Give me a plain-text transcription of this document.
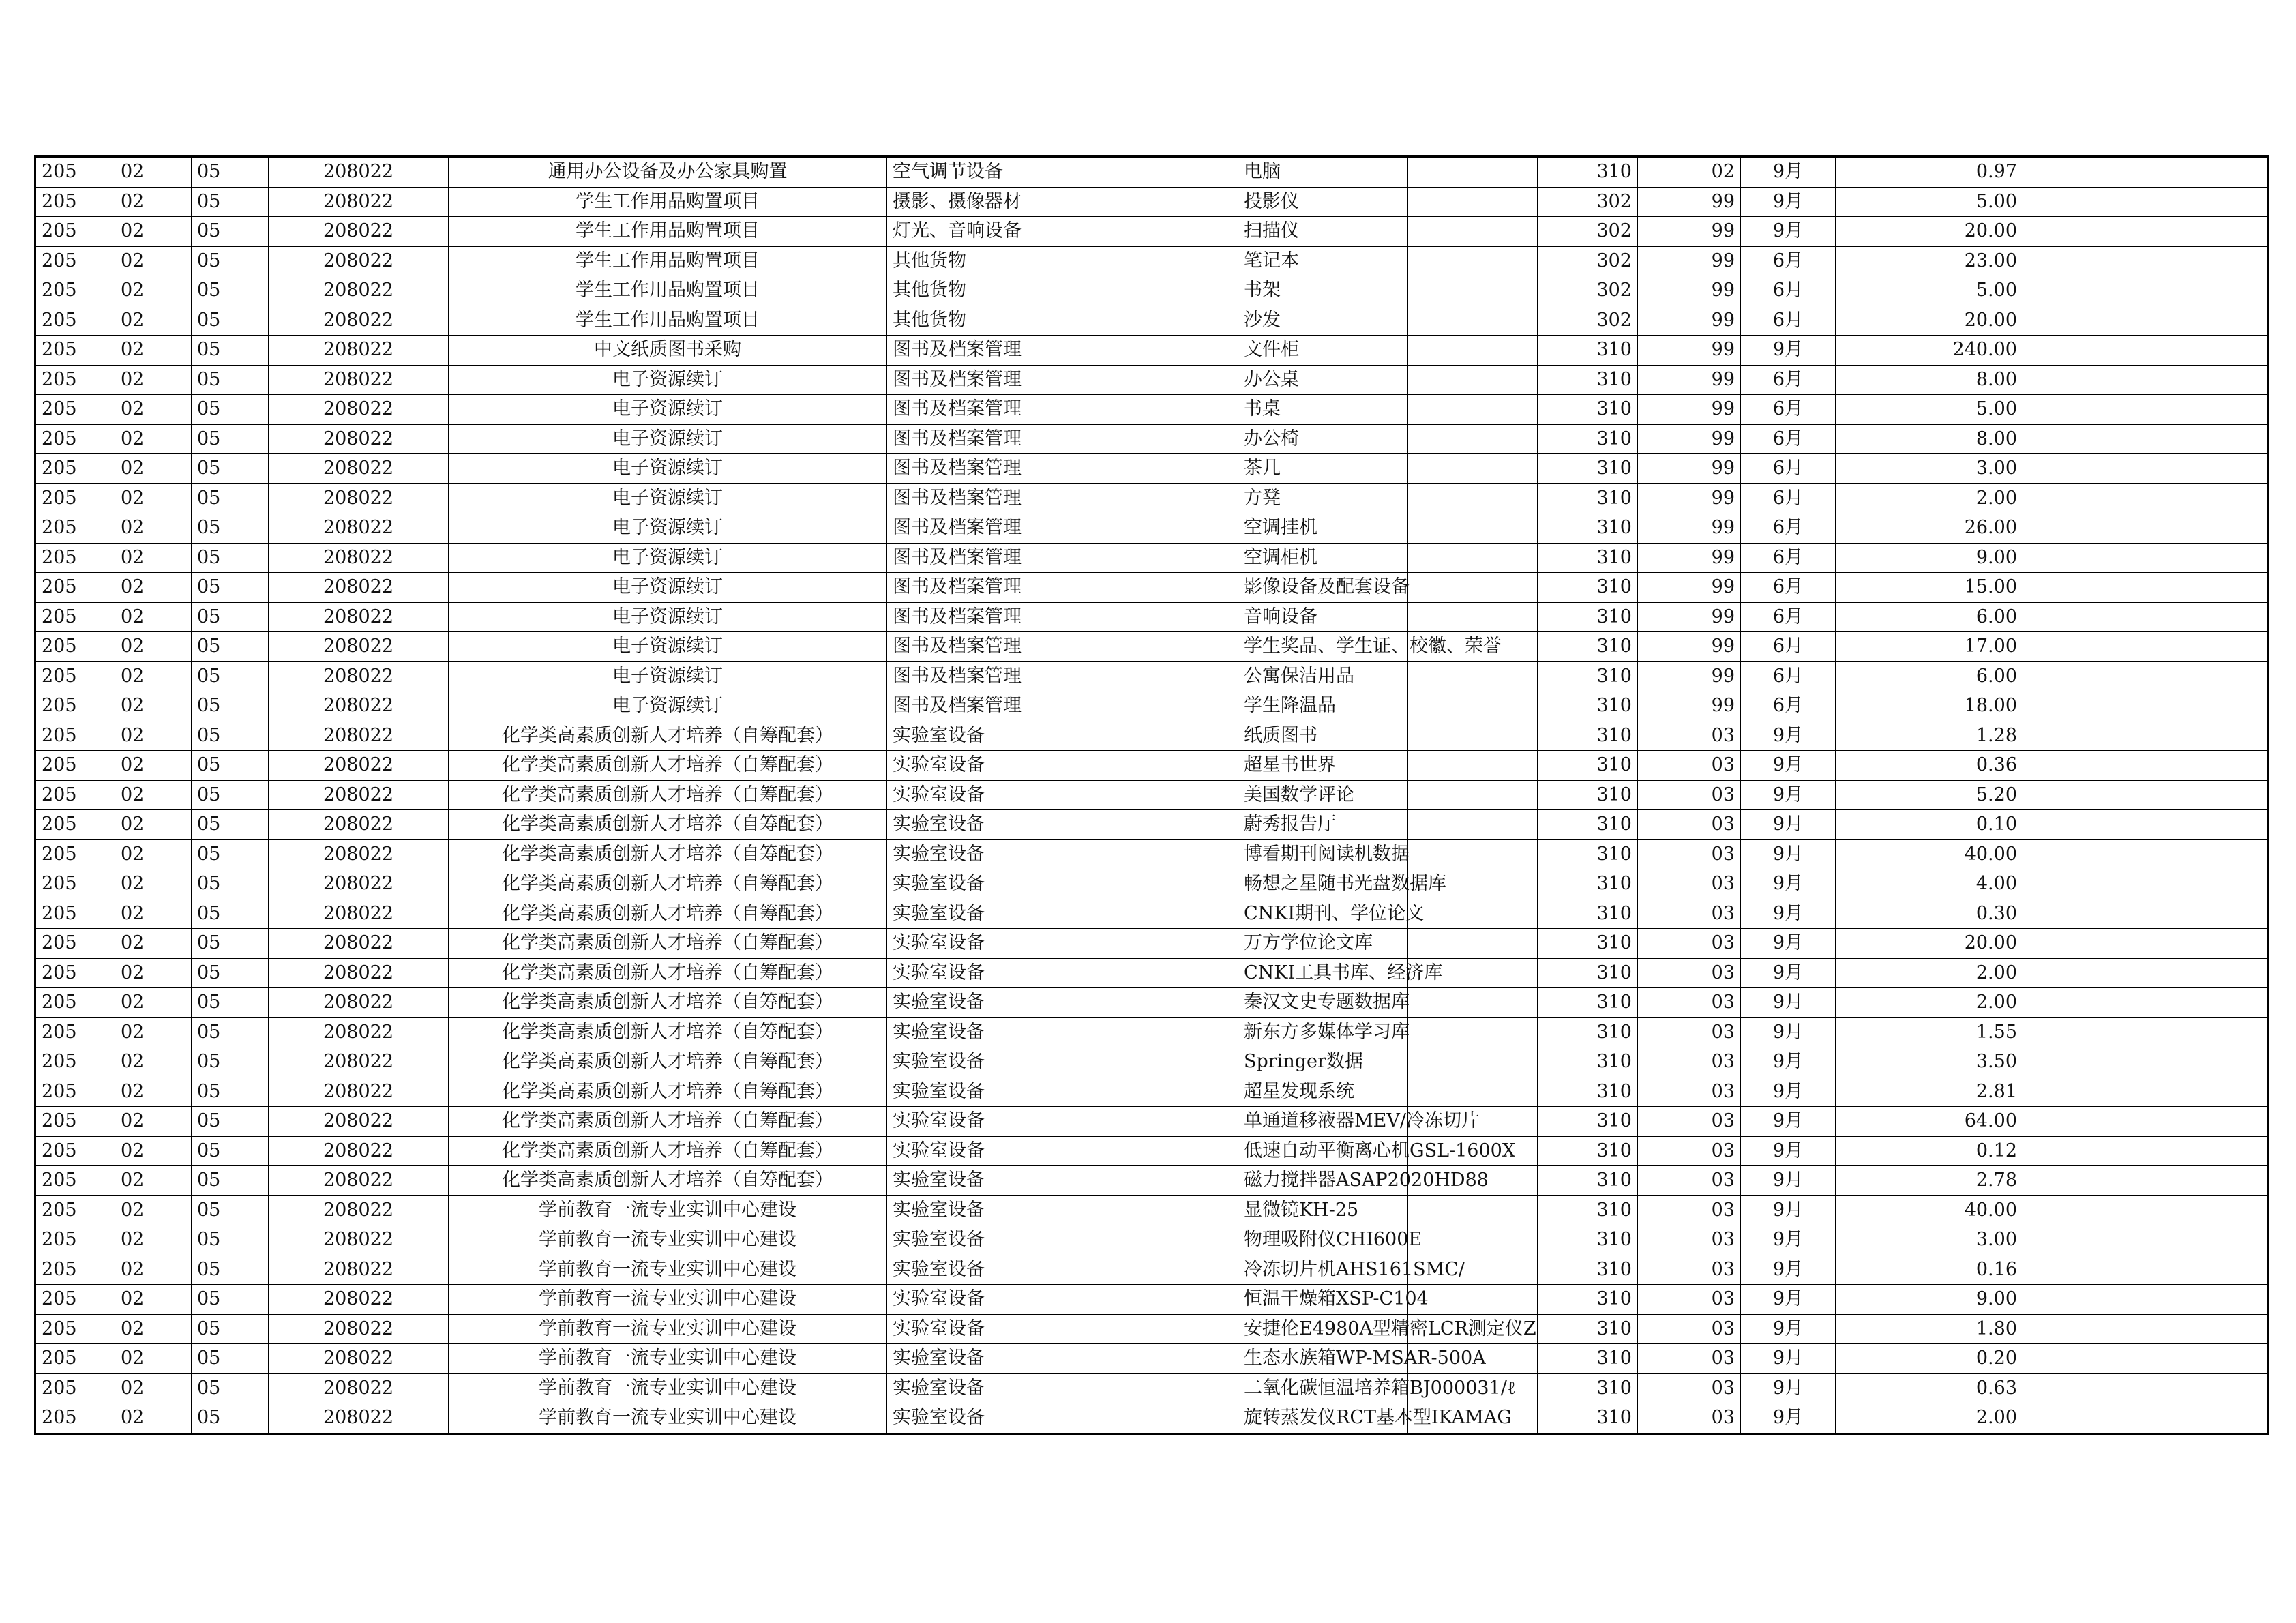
205	02	05	208022	通用办公设备及办公家具购置	空气调节设备		电脑		310	02	9月	0.97	
205	02	05	208022	学生工作用品购置项目	摄影、摄像器材		投影仪		302	99	9月	5.00	
205	02	05	208022	学生工作用品购置项目	灯光、音响设备		扫描仪		302	99	9月	20.00	
205	02	05	208022	学生工作用品购置项目	其他货物		笔记本		302	99	6月	23.00	
205	02	05	208022	学生工作用品购置项目	其他货物		书架		302	99	6月	5.00	
205	02	05	208022	学生工作用品购置项目	其他货物		沙发		302	99	6月	20.00	
205	02	05	208022	中文纸质图书采购	图书及档案管理		文件柜		310	99	9月	240.00	
205	02	05	208022	电子资源续订	图书及档案管理		办公桌		310	99	6月	8.00	
205	02	05	208022	电子资源续订	图书及档案管理		书桌		310	99	6月	5.00	
205	02	05	208022	电子资源续订	图书及档案管理		办公椅		310	99	6月	8.00	
205	02	05	208022	电子资源续订	图书及档案管理		茶几		310	99	6月	3.00	
205	02	05	208022	电子资源续订	图书及档案管理		方凳		310	99	6月	2.00	
205	02	05	208022	电子资源续订	图书及档案管理		空调挂机		310	99	6月	26.00	
205	02	05	208022	电子资源续订	图书及档案管理		空调柜机		310	99	6月	9.00	
205	02	05	208022	电子资源续订	图书及档案管理		影像设备及配套设备		310	99	6月	15.00	
205	02	05	208022	电子资源续订	图书及档案管理		音响设备		310	99	6月	6.00	
205	02	05	208022	电子资源续订	图书及档案管理		学生奖品、学生证、校徽、荣誉		310	99	6月	17.00	
205	02	05	208022	电子资源续订	图书及档案管理		公寓保洁用品		310	99	6月	6.00	
205	02	05	208022	电子资源续订	图书及档案管理		学生降温品		310	99	6月	18.00	
205	02	05	208022	化学类高素质创新人才培养（自筹配套）	实验室设备		纸质图书		310	03	9月	1.28	
205	02	05	208022	化学类高素质创新人才培养（自筹配套）	实验室设备		超星书世界		310	03	9月	0.36	
205	02	05	208022	化学类高素质创新人才培养（自筹配套）	实验室设备		美国数学评论		310	03	9月	5.20	
205	02	05	208022	化学类高素质创新人才培养（自筹配套）	实验室设备		蔚秀报告厅		310	03	9月	0.10	
205	02	05	208022	化学类高素质创新人才培养（自筹配套）	实验室设备		博看期刊阅读机数据		310	03	9月	40.00	
205	02	05	208022	化学类高素质创新人才培养（自筹配套）	实验室设备		畅想之星随书光盘数据库		310	03	9月	4.00	
205	02	05	208022	化学类高素质创新人才培养（自筹配套）	实验室设备		CNKI期刊、学位论文		310	03	9月	0.30	
205	02	05	208022	化学类高素质创新人才培养（自筹配套）	实验室设备		万方学位论文库		310	03	9月	20.00	
205	02	05	208022	化学类高素质创新人才培养（自筹配套）	实验室设备		CNKI工具书库、经济库		310	03	9月	2.00	
205	02	05	208022	化学类高素质创新人才培养（自筹配套）	实验室设备		秦汉文史专题数据库		310	03	9月	2.00	
205	02	05	208022	化学类高素质创新人才培养（自筹配套）	实验室设备		新东方多媒体学习库		310	03	9月	1.55	
205	02	05	208022	化学类高素质创新人才培养（自筹配套）	实验室设备		Springer数据		310	03	9月	3.50	
205	02	05	208022	化学类高素质创新人才培养（自筹配套）	实验室设备		超星发现系统		310	03	9月	2.81	
205	02	05	208022	化学类高素质创新人才培养（自筹配套）	实验室设备		单通道移液器MEV/冷冻切片		310	03	9月	64.00	
205	02	05	208022	化学类高素质创新人才培养（自筹配套）	实验室设备		低速自动平衡离心机GSL-1600X		310	03	9月	0.12	
205	02	05	208022	化学类高素质创新人才培养（自筹配套）	实验室设备		磁力搅拌器ASAP2020HD88		310	03	9月	2.78	
205	02	05	208022	学前教育一流专业实训中心建设	实验室设备		显微镜KH-25		310	03	9月	40.00	
205	02	05	208022	学前教育一流专业实训中心建设	实验室设备		物理吸附仪CHI600E		310	03	9月	3.00	
205	02	05	208022	学前教育一流专业实训中心建设	实验室设备		冷冻切片机AHS161SMC/		310	03	9月	0.16	
205	02	05	208022	学前教育一流专业实训中心建设	实验室设备		恒温干燥箱XSP-C104		310	03	9月	9.00	
205	02	05	208022	学前教育一流专业实训中心建设	实验室设备		安捷伦E4980A型精密LCR测定仪Z		310	03	9月	1.80	
205	02	05	208022	学前教育一流专业实训中心建设	实验室设备		生态水族箱WP-MSAR-500A		310	03	9月	0.20	
205	02	05	208022	学前教育一流专业实训中心建设	实验室设备		二氧化碳恒温培养箱BJ000031/ℓ		310	03	9月	0.63	
205	02	05	208022	学前教育一流专业实训中心建设	实验室设备		旋转蒸发仪RCT基本型IKAMAG		310	03	9月	2.00	
